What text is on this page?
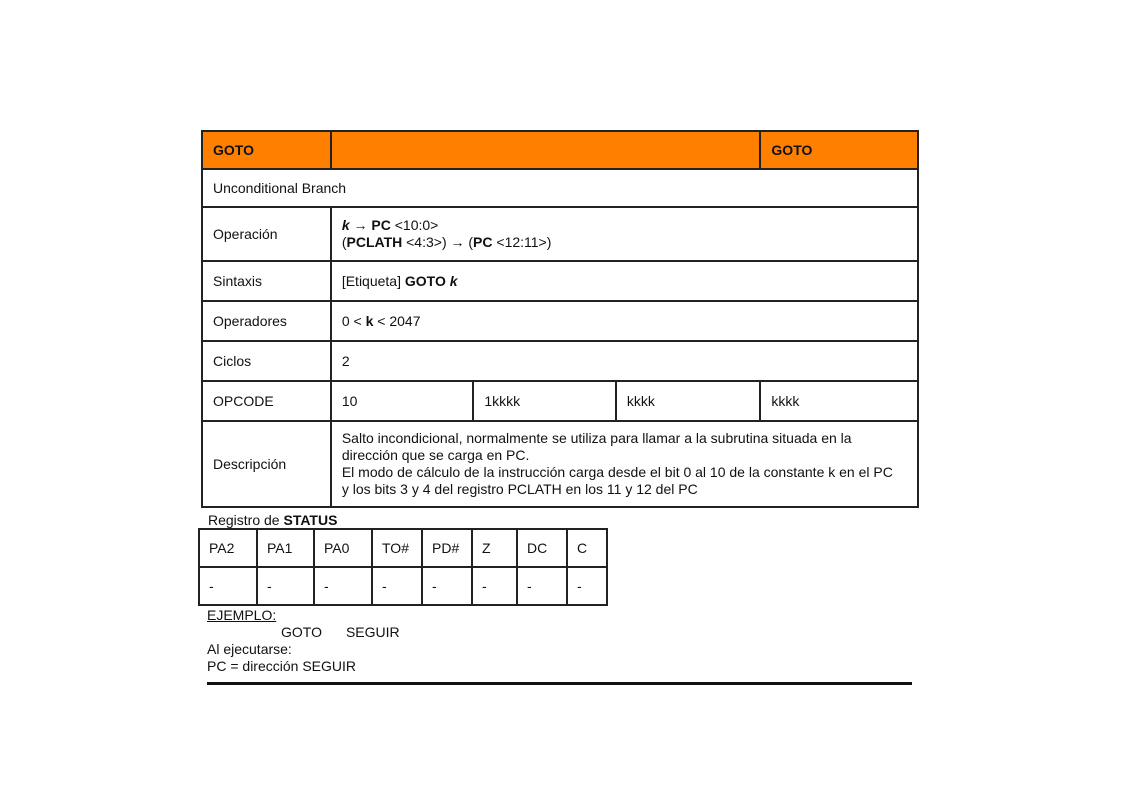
GOTO				GOTO
Unconditional Branch				
Operación	k → PC <10:0>
(PCLATH <4:3>) → (PC <12:11>)			

Sintaxis	[Etiqueta] GOTO k			
Operadores	0 < k < 2047			
Ciclos	2			
OPCODE	10	1kkkk	kkkk	kkkk
Descripción	Salto incondicional, normalmente se utiliza para llamar a la subrutina situada en la
dirección que se carga en PC.
El modo de cálculo de la instrucción carga desde el bit 0 al 10 de la constante k en el PC
y los bits 3 y 4 del registro PCLATH en los 11 y 12 del PC			
Registro de STATUS
PA2	PA1	PA0	TO#	PD#	Z	DC	C
-	-	-	-	-	-	-	-
EJEMPLO:
GOTO SEGUIR
Al ejecutarse:
PC = dirección SEGUIR
